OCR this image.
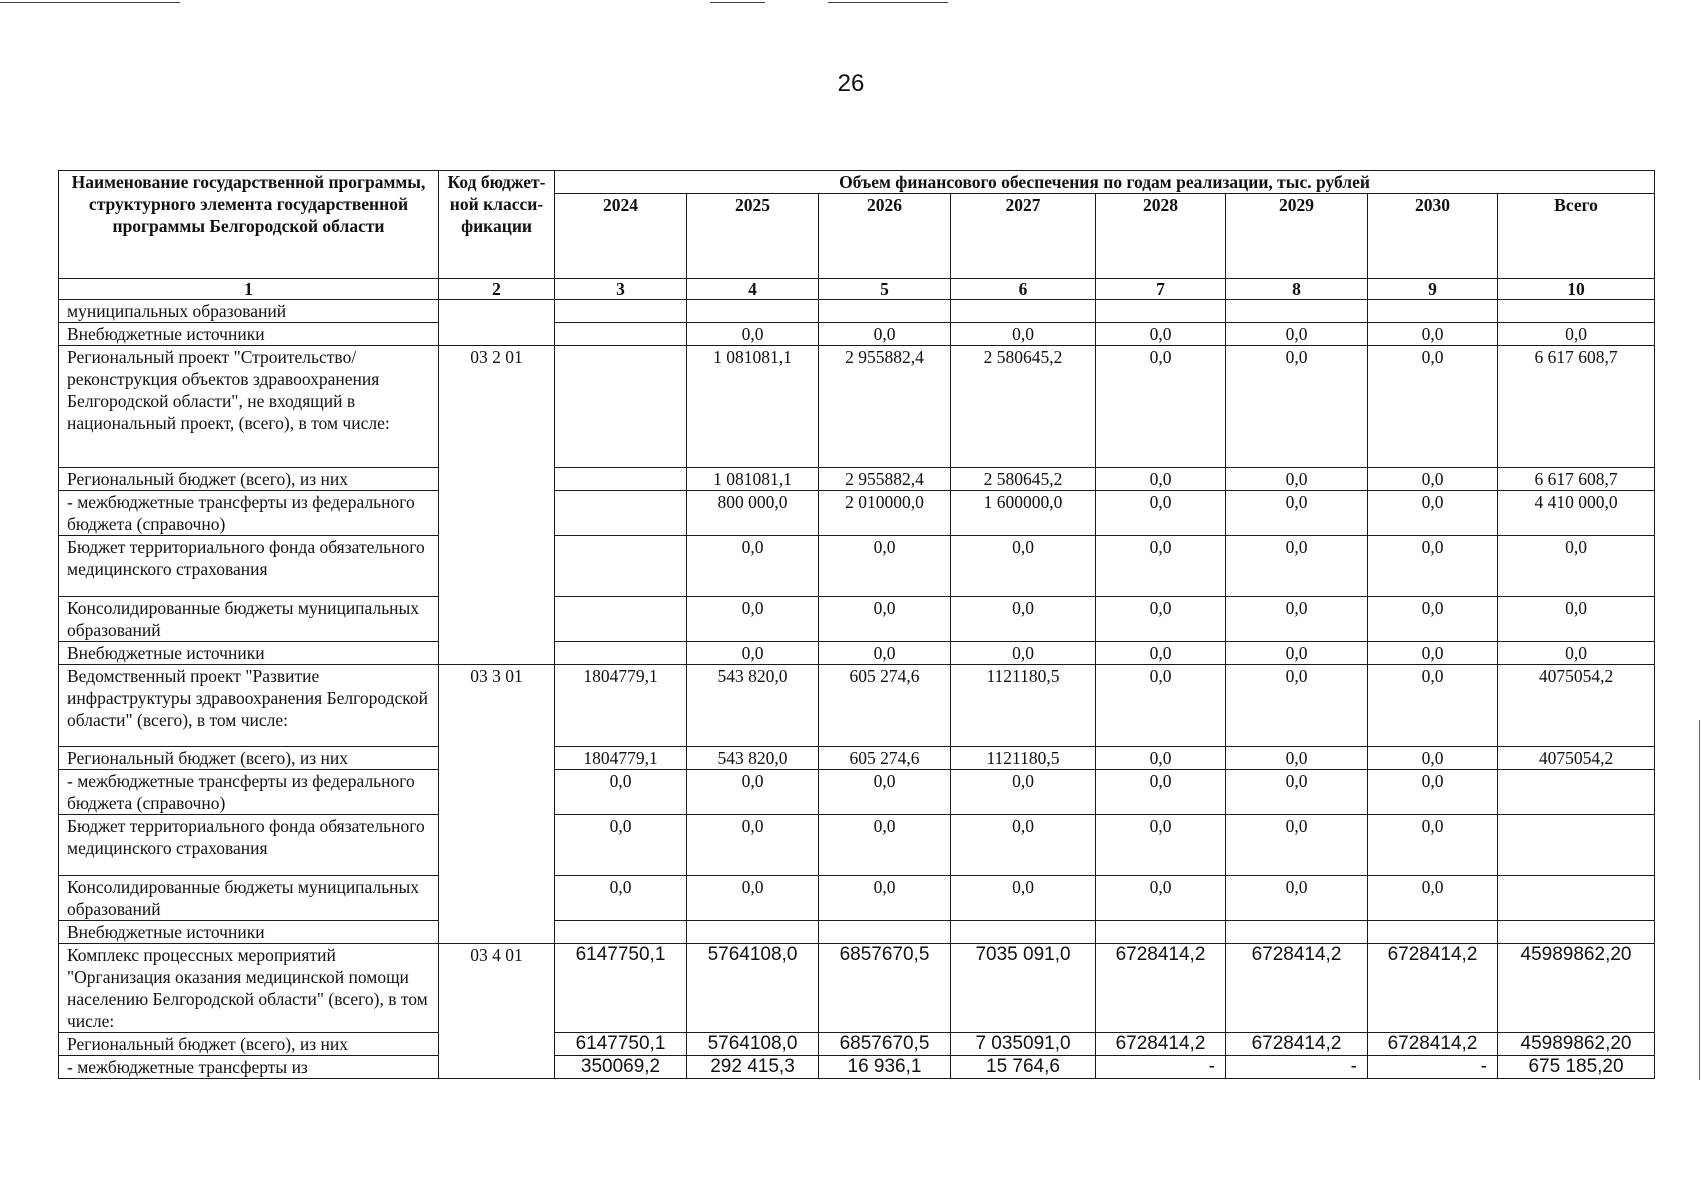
26
Наименование государственной программы, структурного элемента государственной программы Белгородской области	Код бюджет-ной класси-фикации	Объем финансового обеспечения по годам реализации, тыс. рублей							
		2024	2025	2026	2027	2028	2029	2030	Всего
1	2	3	4	5	6	7	8	9	10
муниципальных образований									
Внебюджетные источники			0,0	0,0	0,0	0,0	0,0	0,0	0,0
Региональный проект "Строительство/реконструкция объектов здравоохранения Белгородской области", не входящий в национальный проект, (всего), в том числе:	03 2 01		1 081081,1	2 955882,4	2 580645,2	0,0	0,0	0,0	6 617 608,7
Региональный бюджет (всего), из них			1 081081,1	2 955882,4	2 580645,2	0,0	0,0	0,0	6 617 608,7
- межбюджетные трансферты из федерального бюджета (справочно)			800 000,0	2 010000,0	1 600000,0	0,0	0,0	0,0	4 410 000,0
Бюджет территориального фонда обязательного медицинского страхования			0,0	0,0	0,0	0,0	0,0	0,0	0,0
Консолидированные бюджеты муниципальных образований			0,0	0,0	0,0	0,0	0,0	0,0	0,0
Внебюджетные источники			0,0	0,0	0,0	0,0	0,0	0,0	0,0
Ведомственный проект "Развитие инфраструктуры здравоохранения Белгородской области" (всего), в том числе:	03 3 01	1804779,1	543 820,0	605 274,6	1121180,5	0,0	0,0	0,0	4075054,2
Региональный бюджет (всего), из них		1804779,1	543 820,0	605 274,6	1121180,5	0,0	0,0	0,0	4075054,2
- межбюджетные трансферты из федерального бюджета (справочно)		0,0	0,0	0,0	0,0	0,0	0,0	0,0	
Бюджет территориального фонда обязательного медицинского страхования		0,0	0,0	0,0	0,0	0,0	0,0	0,0	
Консолидированные бюджеты муниципальных образований		0,0	0,0	0,0	0,0	0,0	0,0	0,0	
Внебюджетные источники									
Комплекс процессных мероприятий "Организация оказания медицинской помощи населению Белгородской области" (всего), в том числе:	03 4 01	6147750,1	5764108,0	6857670,5	7035 091,0	6728414,2	6728414,2	6728414,2	45989862,20
Региональный бюджет (всего), из них		6147750,1	5764108,0	6857670,5	7 035091,0	6728414,2	6728414,2	6728414,2	45989862,20
- межбюджетные трансферты из		350069,2	292 415,3	16 936,1	15 764,6	-	-	-	675 185,20
